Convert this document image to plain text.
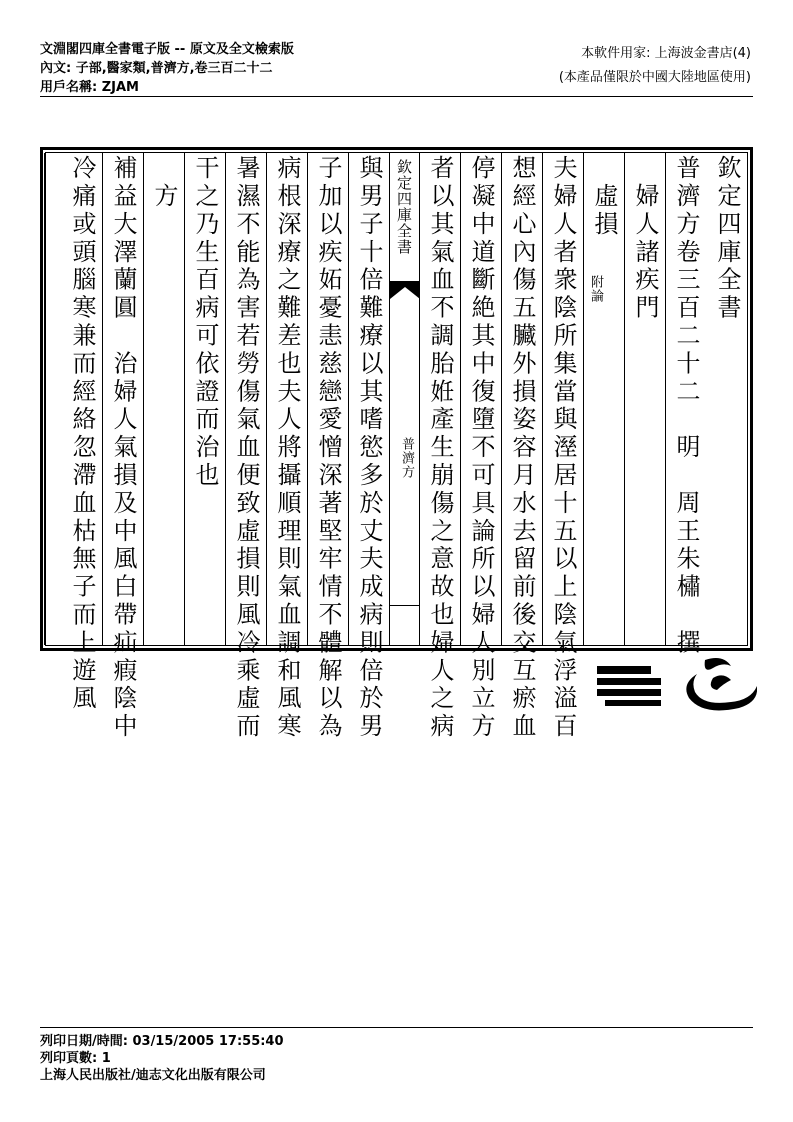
文淵閣四庫全書電子版 -- 原文及全文檢索版
內文: 子部,醫家類,普濟方,卷三百二十二
用戶名稱: ZJAM
本軟件用家: 上海波金書店(4)
(本產品僅限於中國大陸地區使用)
欽定四庫全書
普濟方卷三百二十二　明　周王朱橚　撰
　婦人諸疾門
　虛損
附論
夫婦人者衆陰所集當與溼居十五以上陰氣浮溢百
想經心內傷五臟外損姿容月水去留前後交互瘀血
停凝中道斷絶其中復墮不可具論所以婦人別立方
者以其氣血不調胎姙產生崩傷之意故也婦人之病
欽定四庫全書
普濟方
與男子十倍難療以其嗜慾多於丈夫成病則倍於男
子加以疾妬憂恚慈戀愛憎深著堅牢情不體解以為
病根深療之難差也夫人將攝順理則氣血調和風寒
暑濕不能為害若勞傷氣血便致虛損則風冷乘虛而
干之乃生百病可依證而治也
　方
補益大澤蘭圓　治婦人氣損及中風白帶疝瘕陰中
冷痛或頭腦寒兼而經絡忽滯血枯無子而上遊風
列印日期/時間: 03/15/2005 17:55:40
列印頁數: 1
上海人民出版社/迪志文化出版有限公司
